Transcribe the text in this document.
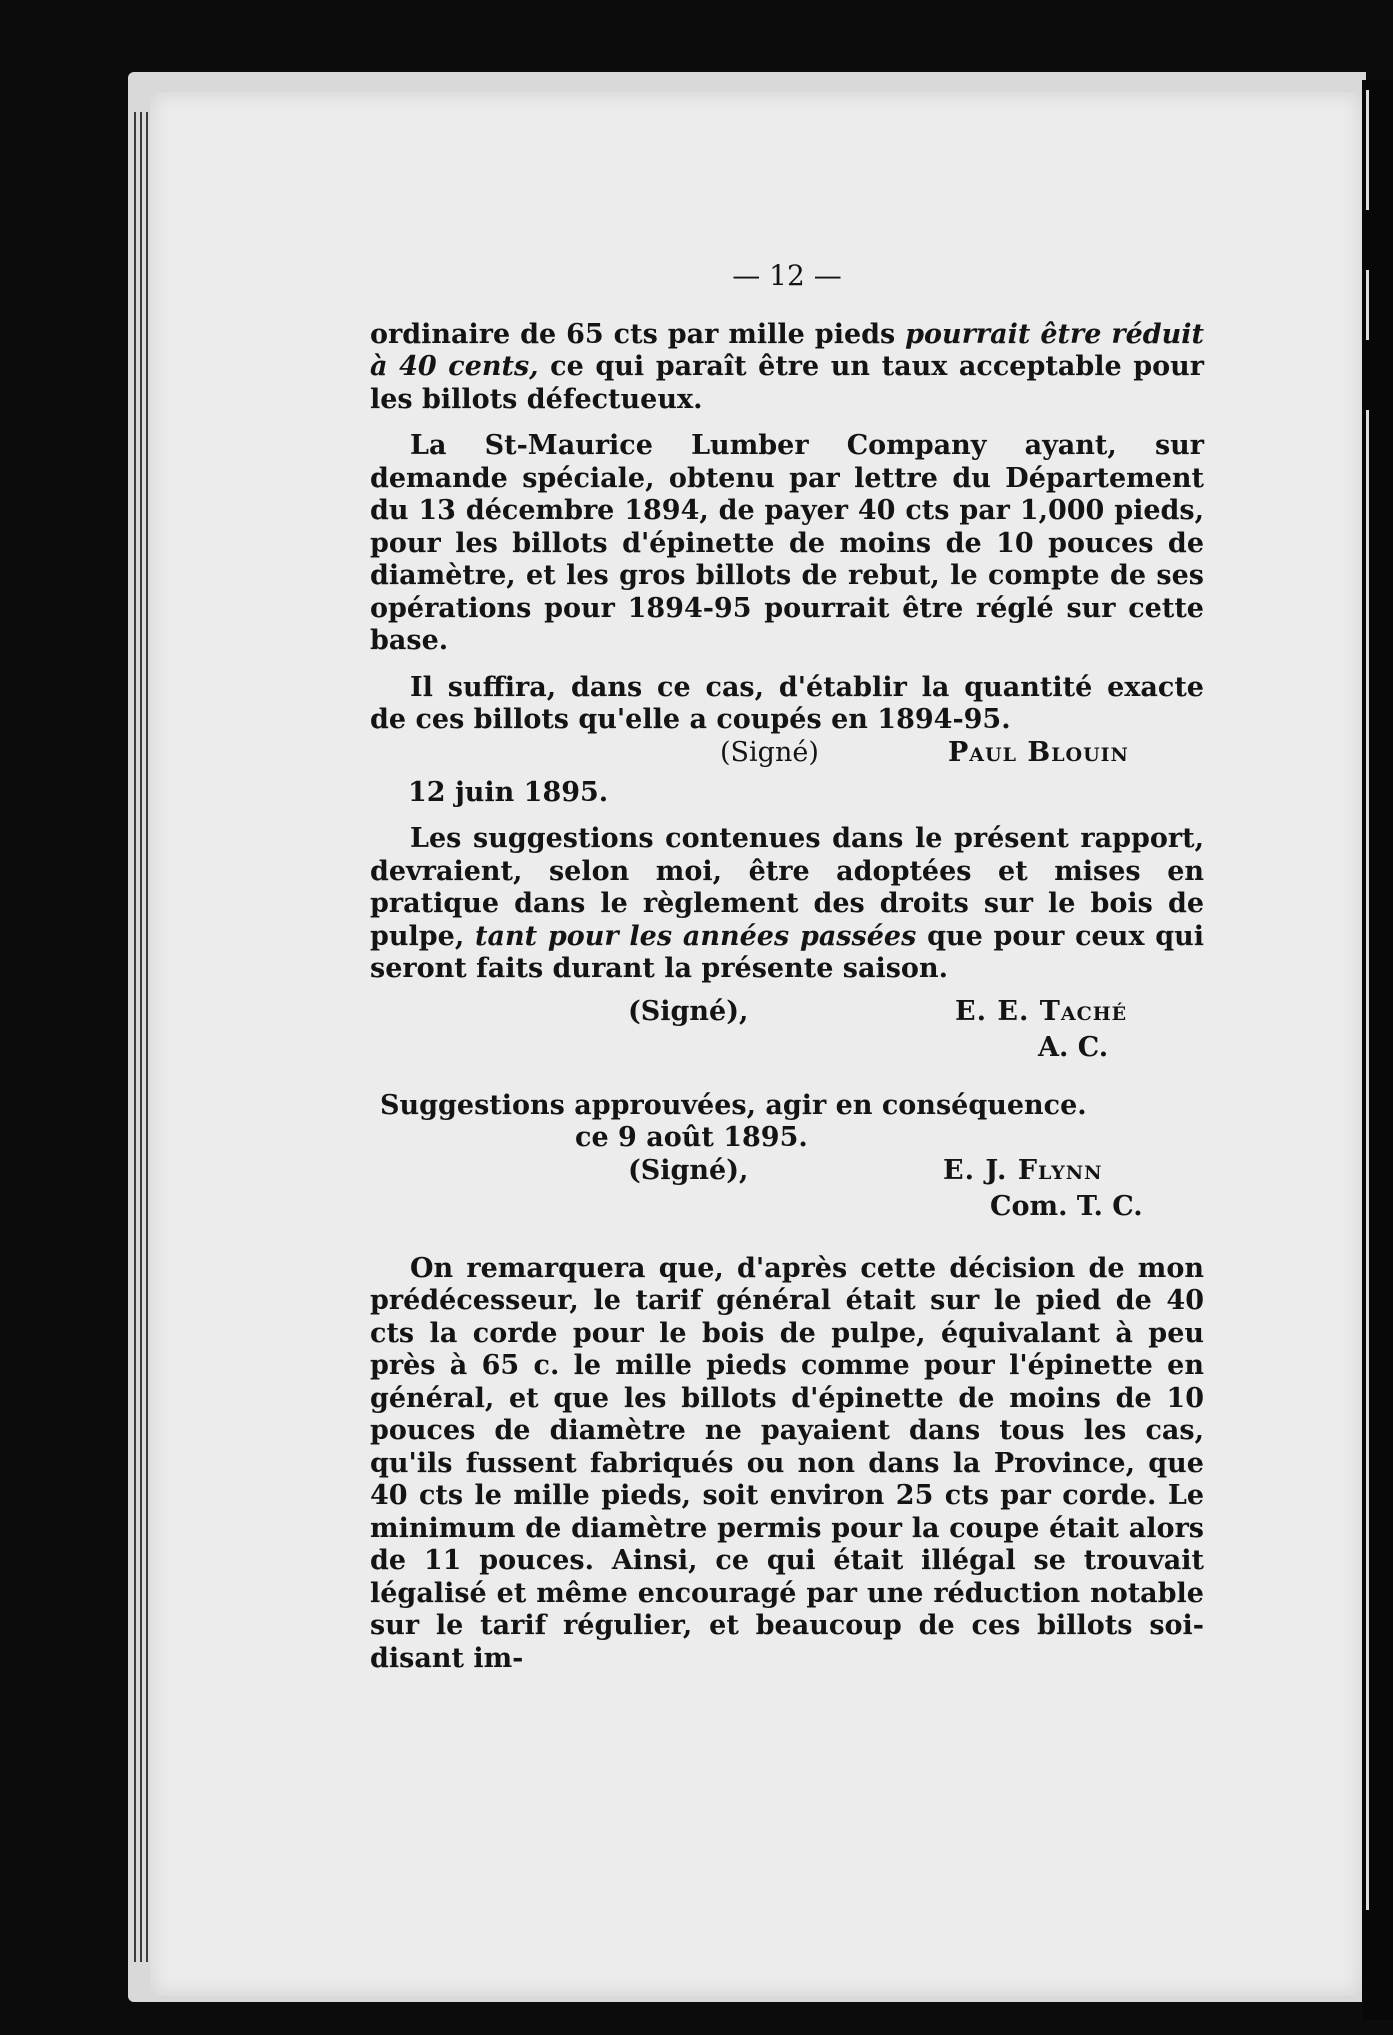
— 12 —

ordinaire de 65 cts par mille pieds pourrait être réduit à 40 cents, ce qui paraît être un taux acceptable pour les billots défectueux.

La St-Maurice Lumber Company ayant, sur demande spéciale, obtenu par lettre du Département du 13 décembre 1894, de payer 40 cts par 1,000 pieds, pour les billots d'épinette de moins de 10 pouces de diamètre, et les gros billots de rebut, le compte de ses opérations pour 1894-95 pourrait être réglé sur cette base.

Il suffira, dans ce cas, d'établir la quantité exacte de ces billots qu'elle a coupés en 1894-95.

(Signé)	Paul Blouin
12 juin 1895.

Les suggestions contenues dans le présent rapport, devraient, selon moi, être adoptées et mises en pratique dans le règlement des droits sur le bois de pulpe, tant pour les années passées que pour ceux qui seront faits durant la présente saison.

(Signé),	E. E. Taché
A. C.
Suggestions approuvées, agir en conséquence.
ce 9 août 1895.
(Signé),	E. J. Flynn
Com. T. C.

On remarquera que, d'après cette décision de mon prédécesseur, le tarif général était sur le pied de 40 cts la corde pour le bois de pulpe, équivalant à peu près à 65 c. le mille pieds comme pour l'épinette en général, et que les billots d'épinette de moins de 10 pouces de diamètre ne payaient dans tous les cas, qu'ils fussent fabriqués ou non dans la Province, que 40 cts le mille pieds, soit environ 25 cts par corde. Le minimum de diamètre permis pour la coupe était alors de 11 pouces. Ainsi, ce qui était illégal se trouvait légalisé et même encouragé par une réduction notable sur le tarif régulier, et beaucoup de ces billots soi-disant im-
